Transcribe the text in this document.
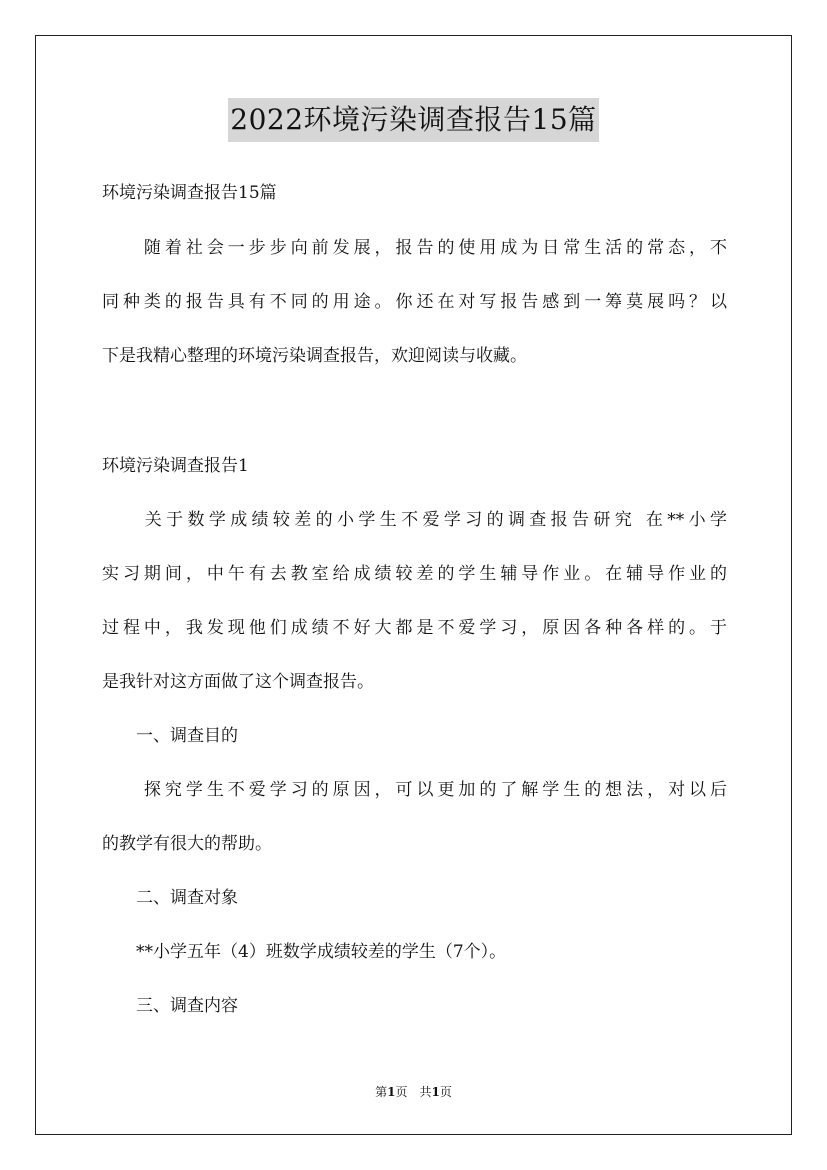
2022环境污染调查报告15篇
环境污染调查报告15篇
　　随着社会一步步向前发展，报告的使用成为日常生活的常态，不
同种类的报告具有不同的用途。你还在对写报告感到一筹莫展吗？以
下是我精心整理的环境污染调查报告，欢迎阅读与收藏。
环境污染调查报告1
　　关于数学成绩较差的小学生不爱学习的调查报告研究 在**小学
实习期间，中午有去教室给成绩较差的学生辅导作业。在辅导作业的
过程中，我发现他们成绩不好大都是不爱学习，原因各种各样的。于
是我针对这方面做了这个调查报告。
　　一、调查目的
　　探究学生不爱学习的原因，可以更加的了解学生的想法，对以后
的教学有很大的帮助。
　　二、调查对象
　　**小学五年（4）班数学成绩较差的学生（7个）。
　　三、调查内容
第1页　共1页
